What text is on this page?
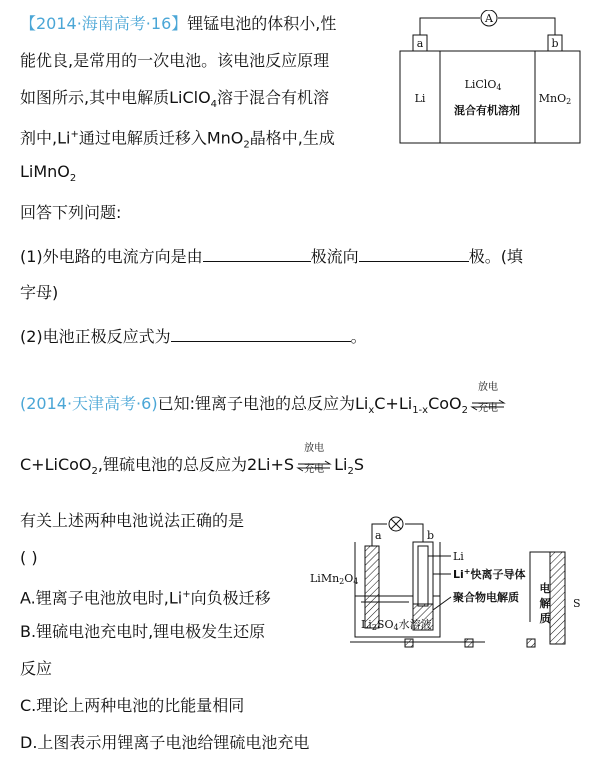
【2014·海南高考·16】锂锰电池的体积小,性
能优良,是常用的一次电池。该电池反应原理
如图所示,其中电解质LiClO$_4$溶于混合有机溶
剂中,Li+通过电解质迁移入MnO$_2$晶格中,生成
LiMnO$_2$
回答下列问题:
(1)外电路的电流方向是由	极流向	极。(填
字母)
(2)电池正极反应式为	。
A
a	b
Li
LiClO4
混合有机溶剂
MnO2
(2014·天津高考·6)已知:锂离子电池的总反应为$Li_xC+Li_{1-x}CoO_2$
放电
充电
C+LiCoO$_2$,锂硫电池的总反应为2Li+S
放电
充电 $Li_2S$
有关上述两种电池说法正确的是
( )
A.锂离子电池放电时,Li+向负极迁移
B.锂硫电池充电时,锂电极发生还原
反应
C.理论上两种电池的比能量相同
D.上图表示用锂离子电池给锂硫电池充电
a	b
LiMn2O4
Li
Li+快离子导体
聚合物电解质
Li2SO4水溶液
电
解
质
S
